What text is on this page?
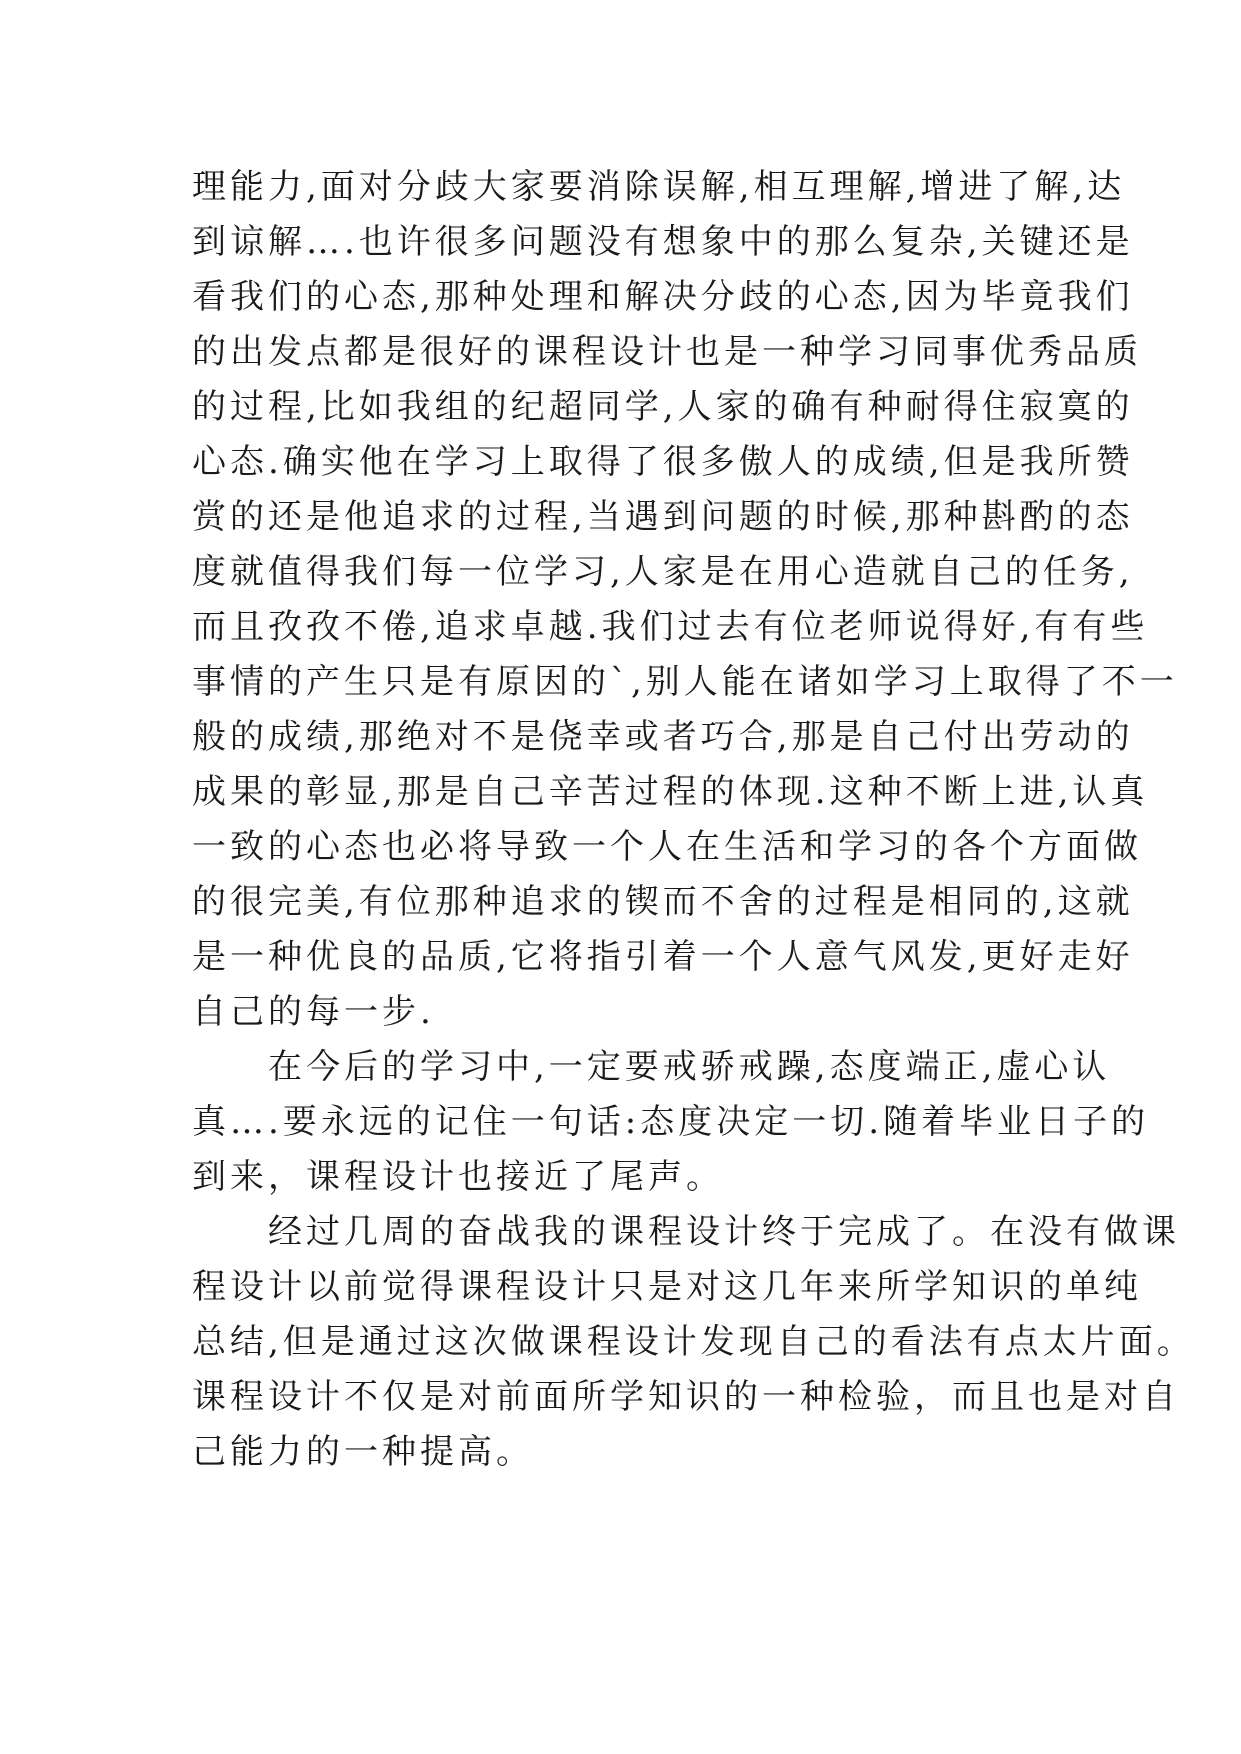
理能力,面对分歧大家要消除误解,相互理解,增进了解,达
到谅解….也许很多问题没有想象中的那么复杂,关键还是
看我们的心态,那种处理和解决分歧的心态,因为毕竟我们
的出发点都是很好的课程设计也是一种学习同事优秀品质
的过程,比如我组的纪超同学,人家的确有种耐得住寂寞的
心态.确实他在学习上取得了很多傲人的成绩,但是我所赞
赏的还是他追求的过程,当遇到问题的时候,那种斟酌的态
度就值得我们每一位学习,人家是在用心造就自己的任务,
而且孜孜不倦,追求卓越.我们过去有位老师说得好,有有些
事情的产生只是有原因的`,别人能在诸如学习上取得了不一
般的成绩,那绝对不是侥幸或者巧合,那是自己付出劳动的
成果的彰显,那是自己辛苦过程的体现.这种不断上进,认真
一致的心态也必将导致一个人在生活和学习的各个方面做
的很完美,有位那种追求的锲而不舍的过程是相同的,这就
是一种优良的品质,它将指引着一个人意气风发,更好走好
自己的每一步.
　　在今后的学习中,一定要戒骄戒躁,态度端正,虚心认
真….要永远的记住一句话:态度决定一切.随着毕业日子的
到来，课程设计也接近了尾声。
　　经过几周的奋战我的课程设计终于完成了。在没有做课
程设计以前觉得课程设计只是对这几年来所学知识的单纯
总结,但是通过这次做课程设计发现自己的看法有点太片面。
课程设计不仅是对前面所学知识的一种检验，而且也是对自
己能力的一种提高。
